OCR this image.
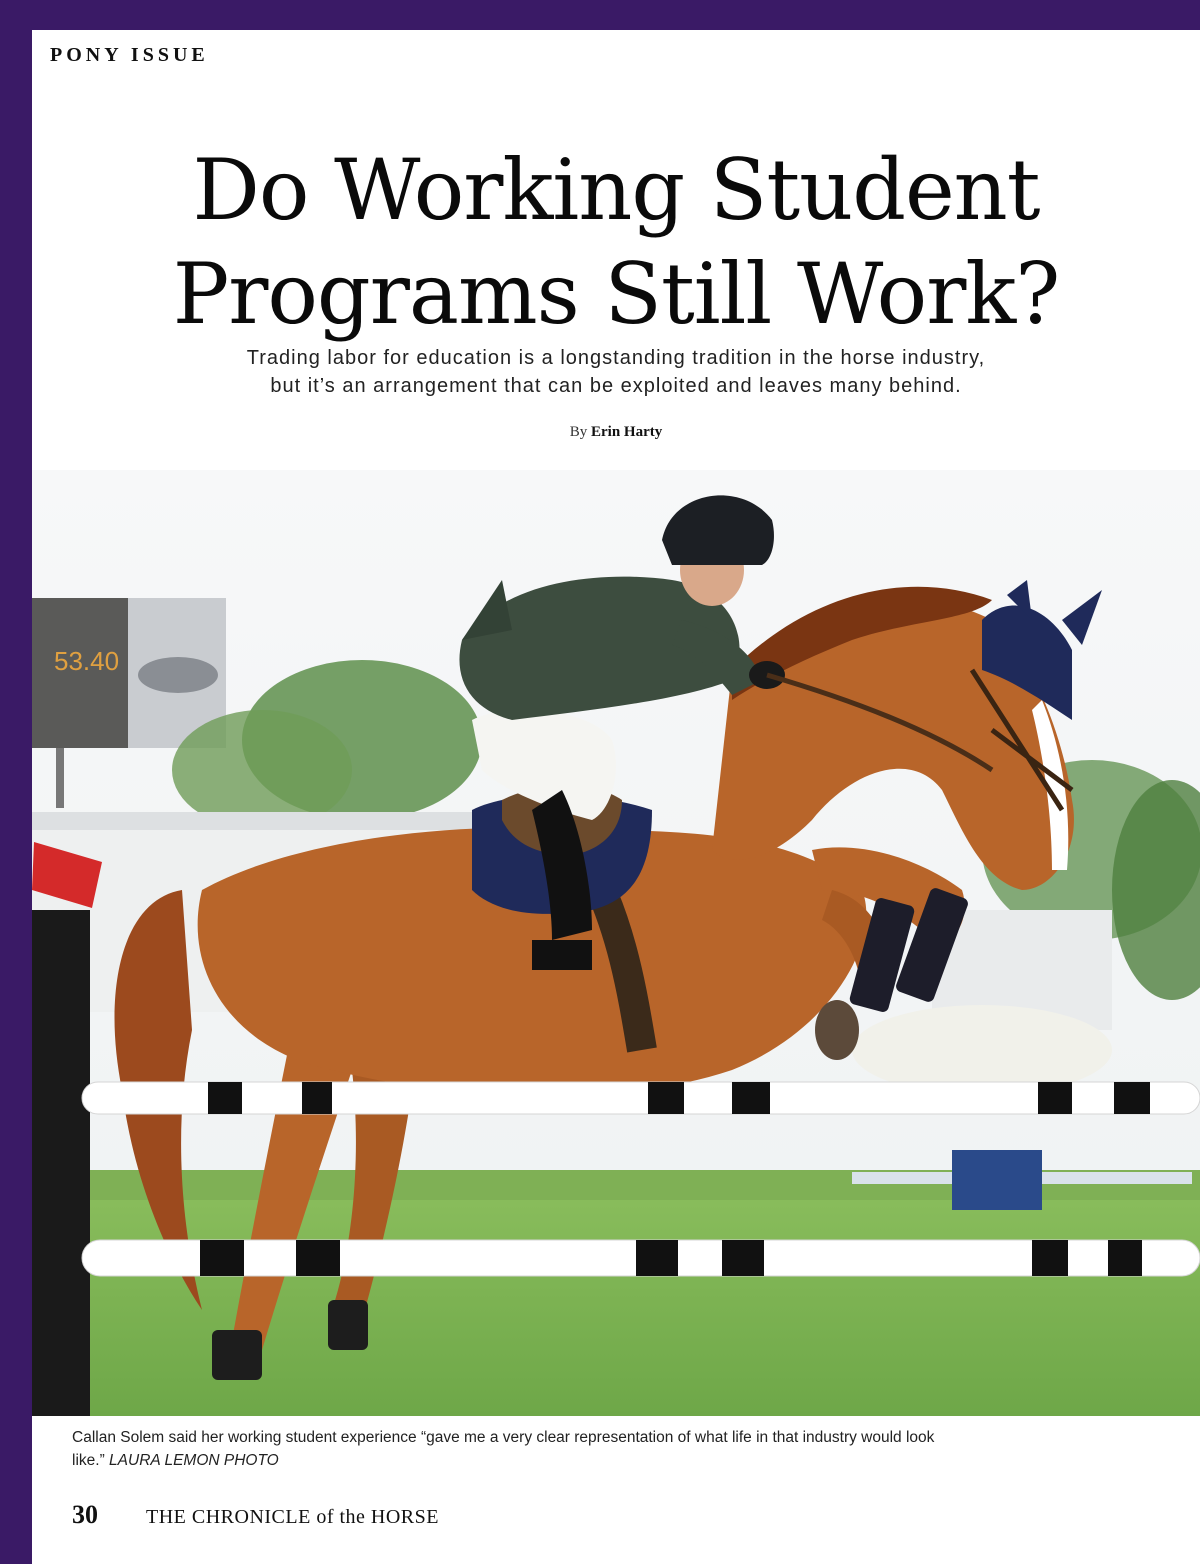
PONY ISSUE
Do Working Student
Programs Still Work?
Trading labor for education is a longstanding tradition in the horse industry,
but it’s an arrangement that can be exploited and leaves many behind.
By Erin Harty
53.40
Callan Solem said her working student experience “gave me a very clear representation of what life in that industry would look like.” LAURA LEMON PHOTO
30 THE CHRONICLE of the HORSE
